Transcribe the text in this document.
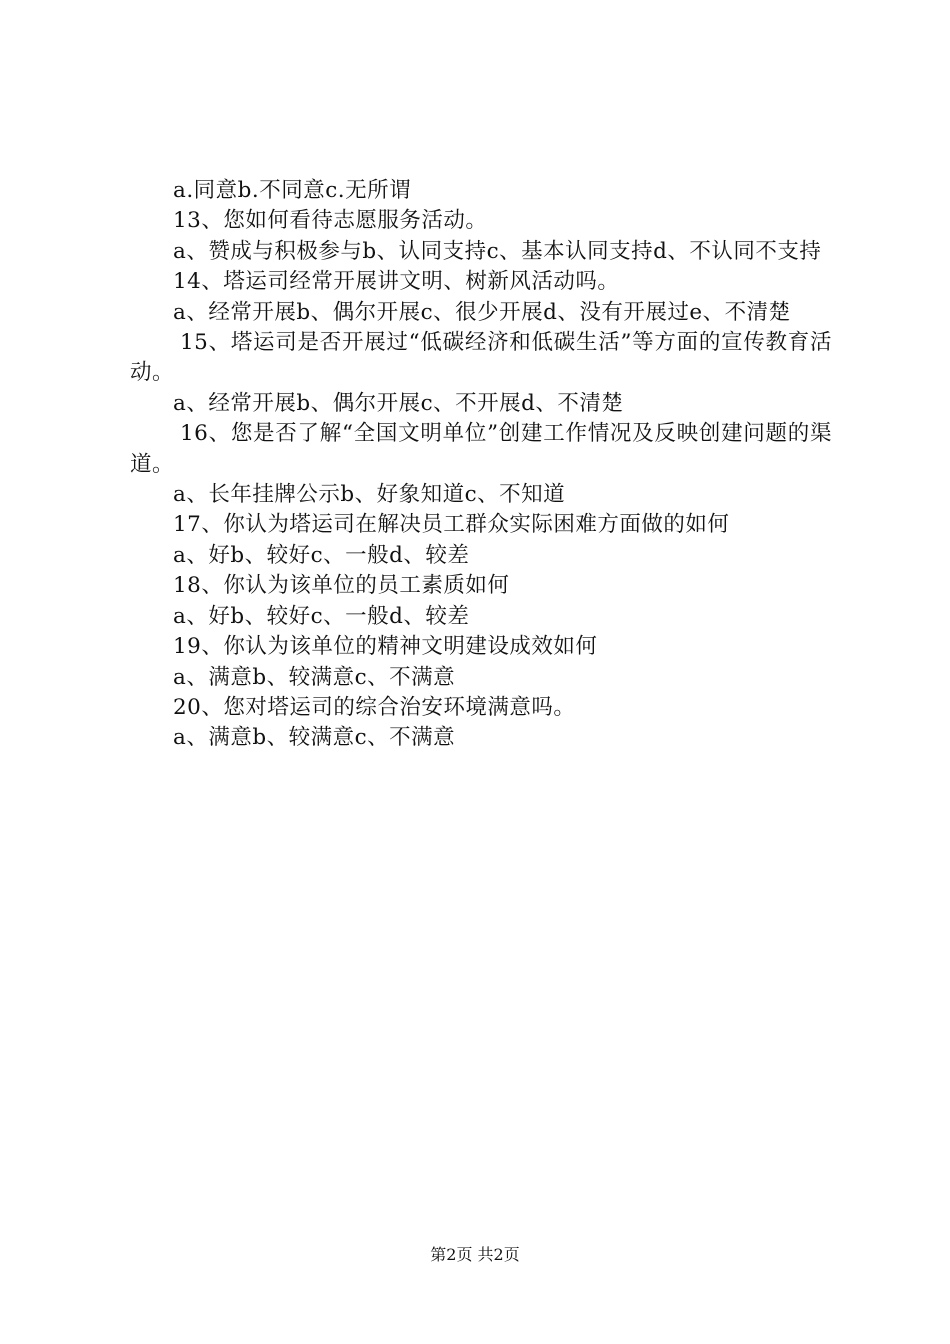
a.同意b.不同意c.无所谓

13、您如何看待志愿服务活动。

a、赞成与积极参与b、认同支持c、基本认同支持d、不认同不支持

14、塔运司经常开展讲文明、树新风活动吗。

a、经常开展b、偶尔开展c、很少开展d、没有开展过e、不清楚

15、塔运司是否开展过“低碳经济和低碳生活”等方面的宣传教育活动。

a、经常开展b、偶尔开展c、不开展d、不清楚

16、您是否了解“全国文明单位”创建工作情况及反映创建问题的渠道。

a、长年挂牌公示b、好象知道c、不知道

17、你认为塔运司在解决员工群众实际困难方面做的如何

a、好b、较好c、一般d、较差

18、你认为该单位的员工素质如何

a、好b、较好c、一般d、较差

19、你认为该单位的精神文明建设成效如何

a、满意b、较满意c、不满意

20、您对塔运司的综合治安环境满意吗。

a、满意b、较满意c、不满意

第2页 共2页
